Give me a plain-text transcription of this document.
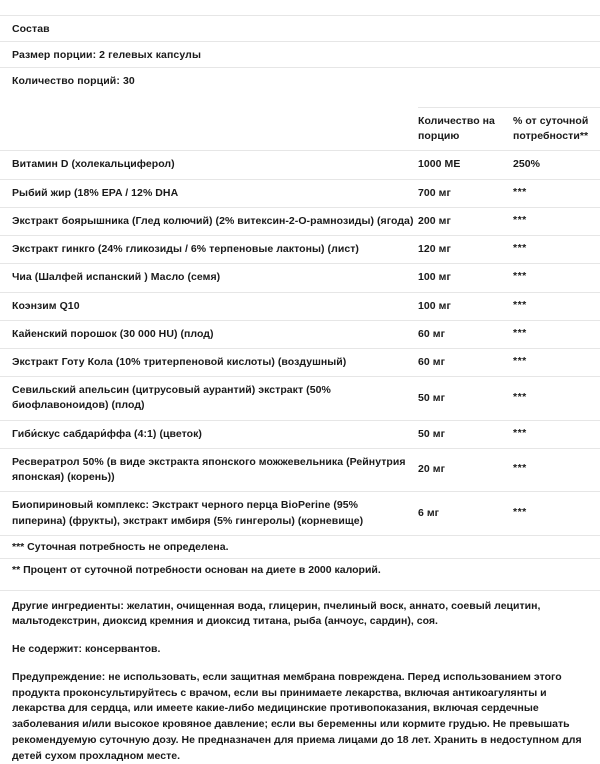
Состав
Размер порции: 2 гелевых капсулы
Количество порций: 30
	Количество на порцию	% от суточной потребности**
Витамин D (холекальциферол)	1000 МЕ	250%
Рыбий жир (18% EPA / 12% DHA	700 мг	***
Экстракт боярышника (Глед колючий) (2% витексин-2-O-рамнозиды) (ягода)	200 мг	***
Экстракт гинкго (24% гликозиды / 6% терпеновые лактоны) (лист)	120 мг	***
Чиа (Шалфей испанский ) Масло (семя)	100 мг	***
Коэнзим Q10	100 мг	***
Кайенский порошок (30 000 HU) (плод)	60 мг	***
Экстракт Готу Кола (10% тритерпеновой кислоты) (воздушный)	60 мг	***
Севильский апельсин (цитрусовый аурантий) экстракт (50% биофлавоноидов) (плод)	50 мг	***
Гиби́скус сабдари́ффа (4:1) (цветок)	50 мг	***
Ресвератрол 50% (в виде экстракта японского можжевельника (Рейнутрия японская) (корень))	20 мг	***
Биопириновый комплекс: Экстракт черного перца BioPerine (95% пиперина) (фрукты), экстракт имбиря (5% гингеролы) (корневище)	6 мг	***
*** Суточная потребность не определена.
** Процент от суточной потребности основан на диете в 2000 калорий.

Другие ингредиенты: желатин, очищенная вода, глицерин, пчелиный воск, аннато, соевый лецитин, мальтодекстрин, диоксид кремния и диоксид титана, рыба (анчоус, сардин), соя.

Не содержит: консервантов.

Предупреждение: не использовать, если защитная мембрана повреждена. Перед использованием этого продукта проконсультируйтесь с врачом, если вы принимаете лекарства, включая антикоагулянты и лекарства для сердца, или имеете какие-либо медицинские противопоказания, включая сердечные заболевания и/или высокое кровяное давление; если вы беременны или кормите грудью. Не превышать рекомендуемую суточную дозу. Не предназначен для приема лицами до 18 лет. Хранить в недоступном для детей сухом прохладном месте.
